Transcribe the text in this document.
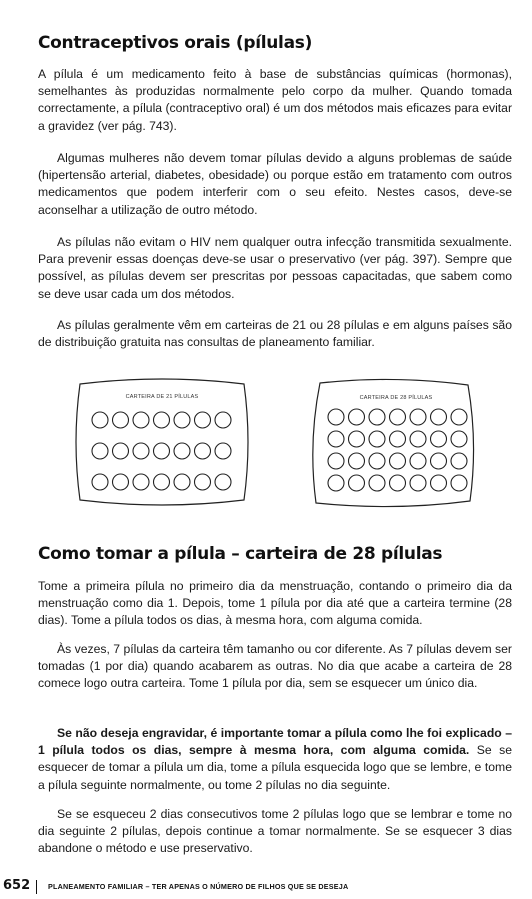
Contraceptivos orais (pílulas)

A pílula é um medicamento feito à base de substâncias químicas (hormonas), semelhantes às produzidas normalmente pelo corpo da mulher. Quando tomada correctamente, a pílula (contraceptivo oral) é um dos métodos mais eficazes para evitar a gravidez (ver pág. 743).

Algumas mulheres não devem tomar pílulas devido a alguns problemas de saúde (hipertensão arterial, diabetes, obesidade) ou porque estão em tratamento com outros medicamentos que podem interferir com o seu efeito. Nestes casos, deve-se aconselhar a utilização de outro método.

As pílulas não evitam o HIV nem qualquer outra infecção transmitida sexualmente. Para prevenir essas doenças deve-se usar o preservativo (ver pág. 397). Sempre que possível, as pílulas devem ser prescritas por pessoas capacitadas, que sabem como se deve usar cada um dos métodos.

As pílulas geralmente vêm em carteiras de 21 ou 28 pílulas e em alguns países são de distribuição gratuita nas consultas de planeamento familiar.

CARTEIRA DE 21 PÍLULAS	CARTEIRA DE 28 PÍLULAS
Como tomar a pílula – carteira de 28 pílulas

Tome a primeira pílula no primeiro dia da menstruação, contando o primeiro dia da menstruação como dia 1. Depois, tome 1 pílula por dia até que a carteira termine (28 dias). Tome a pílula todos os dias, à mesma hora, com alguma comida.

Às vezes, 7 pílulas da carteira têm tamanho ou cor diferente. As 7 pílulas devem ser tomadas (1 por dia) quando acabarem as outras. No dia que acabe a carteira de 28 comece logo outra carteira. Tome 1 pílula por dia, sem se esquecer um único dia.

Se não deseja engravidar, é importante tomar a pílula como lhe foi explicado – 1 pílula todos os dias, sempre à mesma hora, com alguma comida. Se se esquecer de tomar a pílula um dia, tome a pílula esquecida logo que se lembre, e tome a pílula seguinte normalmente, ou tome 2 pílulas no dia seguinte.

Se se esqueceu 2 dias consecutivos tome 2 pílulas logo que se lembrar e tome no dia seguinte 2 pílulas, depois continue a tomar normalmente. Se se esquecer 3 dias abandone o método e use preservativo.

652 PLANEAMENTO FAMILIAR – TER APENAS O NÚMERO DE FILHOS QUE SE DESEJA
